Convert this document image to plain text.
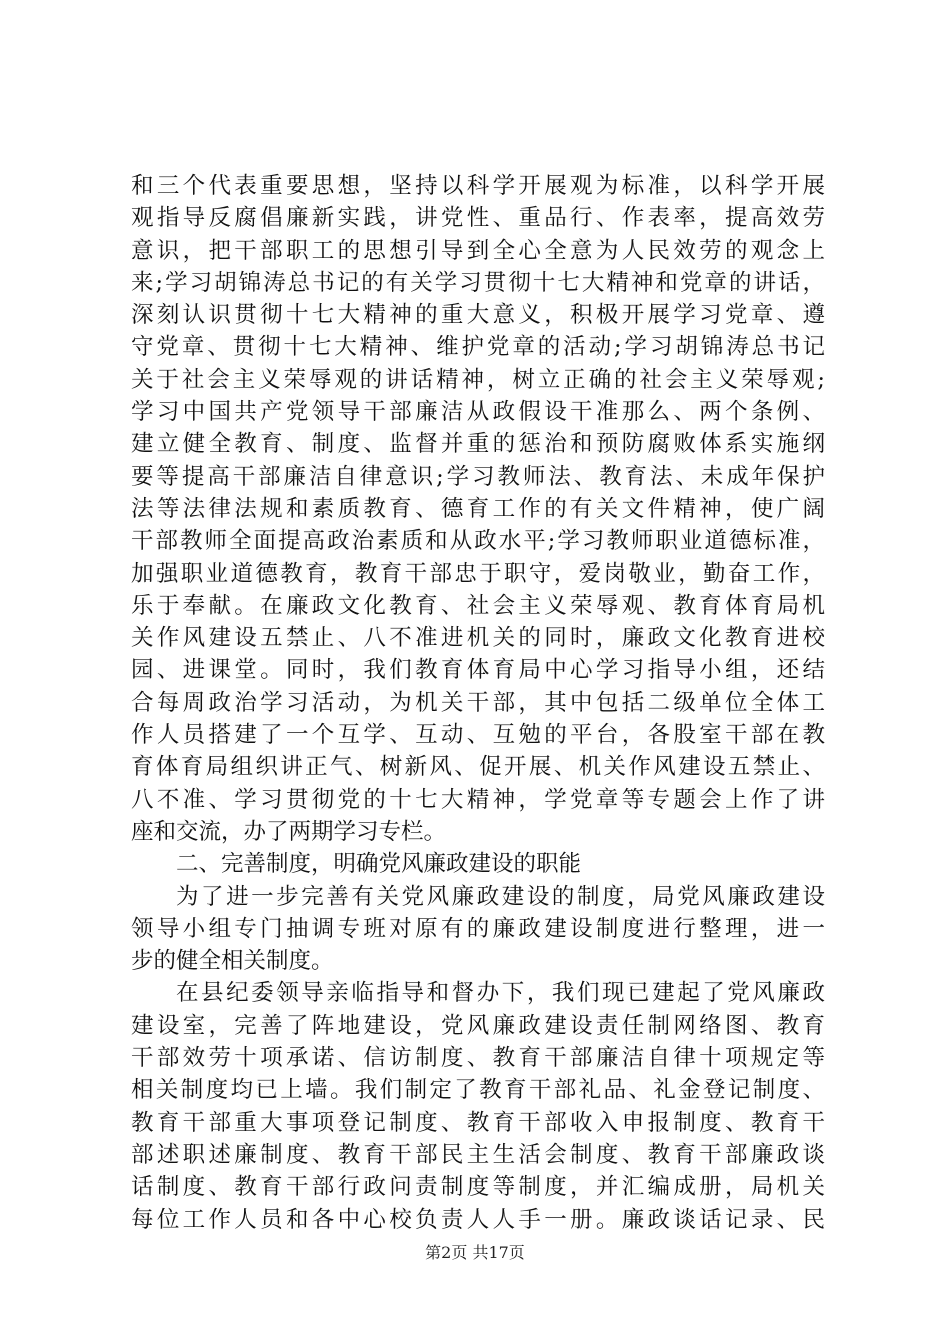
和三个代表重要思想，坚持以科学开展观为标准，以科学开展
观指导反腐倡廉新实践，讲党性、重品行、作表率，提高效劳
意识，把干部职工的思想引导到全心全意为人民效劳的观念上
来;学习胡锦涛总书记的有关学习贯彻十七大精神和党章的讲话，
深刻认识贯彻十七大精神的重大意义，积极开展学习党章、遵
守党章、贯彻十七大精神、维护党章的活动;学习胡锦涛总书记
关于社会主义荣辱观的讲话精神，树立正确的社会主义荣辱观;
学习中国共产党领导干部廉洁从政假设干准那么、两个条例、
建立健全教育、制度、监督并重的惩治和预防腐败体系实施纲
要等提高干部廉洁自律意识;学习教师法、教育法、未成年保护
法等法律法规和素质教育、德育工作的有关文件精神，使广阔
干部教师全面提高政治素质和从政水平;学习教师职业道德标准，
加强职业道德教育，教育干部忠于职守，爱岗敬业，勤奋工作，
乐于奉献。在廉政文化教育、社会主义荣辱观、教育体育局机
关作风建设五禁止、八不准进机关的同时，廉政文化教育进校
园、进课堂。同时，我们教育体育局中心学习指导小组，还结
合每周政治学习活动，为机关干部，其中包括二级单位全体工
作人员搭建了一个互学、互动、互勉的平台，各股室干部在教
育体育局组织讲正气、树新风、促开展、机关作风建设五禁止、
八不准、学习贯彻党的十七大精神，学党章等专题会上作了讲
座和交流，办了两期学习专栏。
二、完善制度，明确党风廉政建设的职能
为了进一步完善有关党风廉政建设的制度，局党风廉政建设
领导小组专门抽调专班对原有的廉政建设制度进行整理，进一
步的健全相关制度。
在县纪委领导亲临指导和督办下，我们现已建起了党风廉政
建设室，完善了阵地建设，党风廉政建设责任制网络图、教育
干部效劳十项承诺、信访制度、教育干部廉洁自律十项规定等
相关制度均已上墙。我们制定了教育干部礼品、礼金登记制度、
教育干部重大事项登记制度、教育干部收入申报制度、教育干
部述职述廉制度、教育干部民主生活会制度、教育干部廉政谈
话制度、教育干部行政问责制度等制度，并汇编成册，局机关
每位工作人员和各中心校负责人人手一册。廉政谈话记录、民
第2页 共17页
